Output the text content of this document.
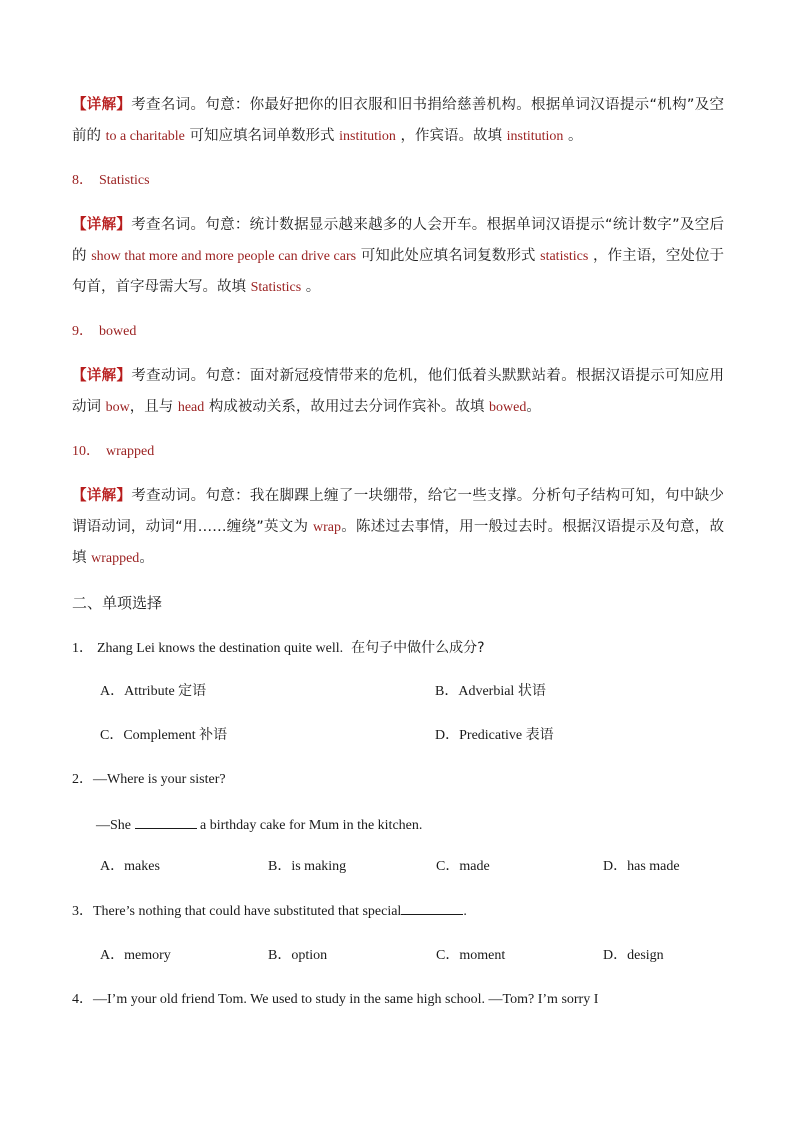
【详解】考查名词。句意：你最好把你的旧衣服和旧书捐给慈善机构。根据单词汉语提示“机构”及空前的 to a charitable 可知应填名词单数形式 institution ，作宾语。故填 institution 。
8． Statistics
【详解】考查名词。句意：统计数据显示越来越多的人会开车。根据单词汉语提示“统计数字”及空后的 show that more and more people can drive cars 可知此处应填名词复数形式 statistics ，作主语，空处位于句首，首字母需大写。故填 Statistics 。
9． bowed
【详解】考查动词。句意：面对新冠疫情带来的危机，他们低着头默默站着。根据汉语提示可知应用动词 bow，且与 head 构成被动关系，故用过去分词作宾补。故填 bowed。
10． wrapped
【详解】考查动词。句意：我在脚踝上缠了一块绷带，给它一些支撑。分析句子结构可知，句中缺少谓语动词，动词“用……缠绕”英文为 wrap。陈述过去事情，用一般过去时。根据汉语提示及句意，故填 wrapped。
二、单项选择
1． Zhang Lei knows the destination quite well. 在句子中做什么成分?
A．Attribute 定语	B．Adverbial 状语
C．Complement 补语	D．Predicative 表语
2．—Where is your sister?
—She	a birthday cake for Mum in the kitchen.
A．makes	B．is making	C．made	D．has made
3．There’s nothing that could have substituted that special	.
A．memory	B．option	C．moment	D．design
4．—I’m your old friend Tom. We used to study in the same high school. —Tom? I’m sorry I
